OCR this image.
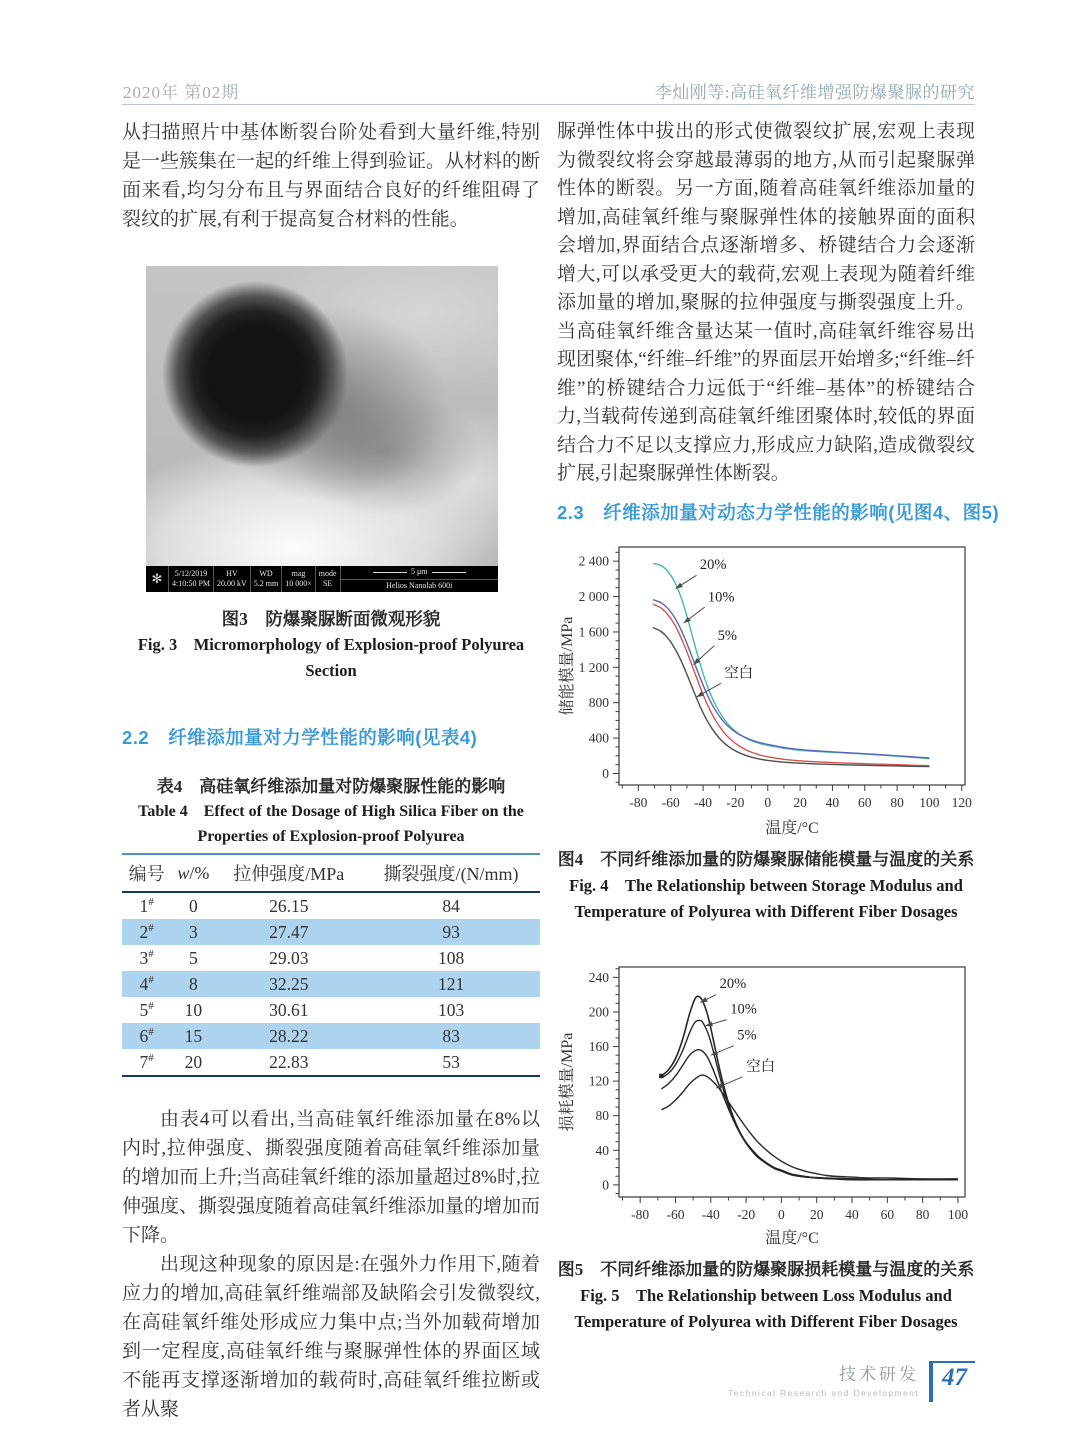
2020年 第02期	李灿刚等:高硅氧纤维增强防爆聚脲的研究
从扫描照片中基体断裂台阶处看到大量纤维,特别是一些簇集在一起的纤维上得到验证。从材料的断面来看,均匀分布且与界面结合良好的纤维阻碍了裂纹的扩展,有利于提高复合材料的性能。
✻	5/12/2019
4:10:50 PM
HV
20.00 kV
WD
5.2 mm
mag
10 000×
mode
SE
5 μm
Helios Nanolab 600i
图3　防爆聚脲断面微观形貌
Fig. 3　Micromorphology of Explosion-proof Polyurea
Section
2.2　纤维添加量对力学性能的影响(见表4)
表4　高硅氧纤维添加量对防爆聚脲性能的影响
Table 4　Effect of the Dosage of High Silica Fiber on the
Properties of Explosion-proof Polyurea
编号	w/%	拉伸强度/MPa	撕裂强度/(N/mm)
1#	0	26.15	84
2#	3	27.47	93
3#	5	29.03	108
4#	8	32.25	121
5#	10	30.61	103
6#	15	28.22	83
7#	20	22.83	53
由表4可以看出,当高硅氧纤维添加量在8%以内时,拉伸强度、撕裂强度随着高硅氧纤维添加量的增加而上升;当高硅氧纤维的添加量超过8%时,拉伸强度、撕裂强度随着高硅氧纤维添加量的增加而下降。
出现这种现象的原因是:在强外力作用下,随着应力的增加,高硅氧纤维端部及缺陷会引发微裂纹,在高硅氧纤维处形成应力集中点;当外加载荷增加到一定程度,高硅氧纤维与聚脲弹性体的界面区域不能再支撑逐渐增加的载荷时,高硅氧纤维拉断或者从聚
脲弹性体中拔出的形式使微裂纹扩展,宏观上表现为微裂纹将会穿越最薄弱的地方,从而引起聚脲弹性体的断裂。另一方面,随着高硅氧纤维添加量的增加,高硅氧纤维与聚脲弹性体的接触界面的面积会增加,界面结合点逐渐增多、桥键结合力会逐渐增大,可以承受更大的载荷,宏观上表现为随着纤维添加量的增加,聚脲的拉伸强度与撕裂强度上升。当高硅氧纤维含量达某一值时,高硅氧纤维容易出现团聚体,“纤维–纤维”的界面层开始增多;“纤维–纤维”的桥键结合力远低于“纤维–基体”的桥键结合力,当载荷传递到高硅氧纤维团聚体时,较低的界面结合力不足以支撑应力,形成应力缺陷,造成微裂纹扩展,引起聚脲弹性体断裂。
2.3　纤维添加量对动态力学性能的影响(见图4、图5)
-80 -60 -40 -20 0 20 40 60 80 100 120
0
400
800
1 200
1 600
2 000
2 400
温度/°C
储能模量/MPa
20%
10%
5%
空白
图4　不同纤维添加量的防爆聚脲储能模量与温度的关系
Fig. 4　The Relationship between Storage Modulus and
Temperature of Polyurea with Different Fiber Dosages
-80 -60 -40 -20 0 20 40 60 80 100
0
40
80
120
160
200
240
温度/°C
损耗模量/MPa
20%
10%
5%
空白
图5　不同纤维添加量的防爆聚脲损耗模量与温度的关系
Fig. 5　The Relationship between Loss Modulus and
Temperature of Polyurea with Different Fiber Dosages
技术研发
Technical Research and Development
47
